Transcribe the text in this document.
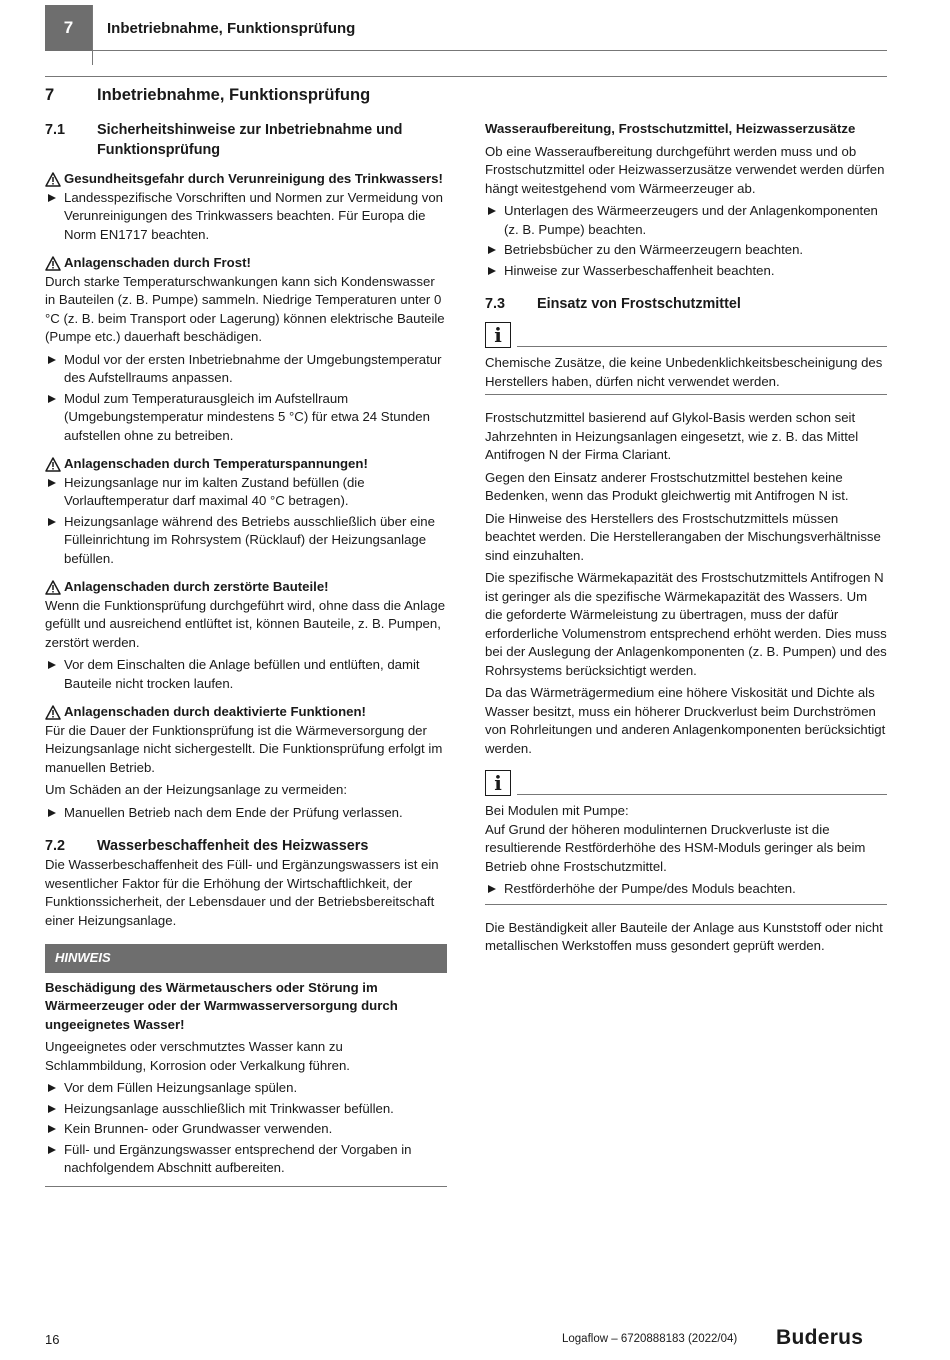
7	Inbetriebnahme, Funktionsprüfung
7	Inbetriebnahme, Funktionsprüfung
7.1	Sicherheitshinweise zur Inbetriebnahme und Funktionsprüfung
Gesundheitsgefahr durch Verunreinigung des Trinkwassers!
Landesspezifische Vorschriften und Normen zur Vermeidung von Verunreinigungen des Trinkwassers beachten. Für Europa die Norm EN1717 beachten.
Anlagenschaden durch Frost!

Durch starke Temperaturschwankungen kann sich Kondenswasser in Bauteilen (z. B. Pumpe) sammeln. Niedrige Temperaturen unter 0 °C (z. B. beim Transport oder Lagerung) können elektrische Bauteile (Pumpe etc.) dauerhaft beschädigen.

Modul vor der ersten Inbetriebnahme der Umgebungstemperatur des Aufstellraums anpassen.
Modul zum Temperaturausgleich im Aufstellraum (Umgebungstemperatur mindestens 5 °C) für etwa 24 Stunden aufstellen ohne zu betreiben.
Anlagenschaden durch Temperaturspannungen!
Heizungsanlage nur im kalten Zustand befüllen (die Vorlauftemperatur darf maximal 40 °C betragen).
Heizungsanlage während des Betriebs ausschließlich über eine Fülleinrichtung im Rohrsystem (Rücklauf) der Heizungsanlage befüllen.
Anlagenschaden durch zerstörte Bauteile!

Wenn die Funktionsprüfung durchgeführt wird, ohne dass die Anlage gefüllt und ausreichend entlüftet ist, können Bauteile, z. B. Pumpen, zerstört werden.

Vor dem Einschalten die Anlage befüllen und entlüften, damit Bauteile nicht trocken laufen.
Anlagenschaden durch deaktivierte Funktionen!

Für die Dauer der Funktionsprüfung ist die Wärmeversorgung der Heizungsanlage nicht sichergestellt. Die Funktionsprüfung erfolgt im manuellen Betrieb.

Um Schäden an der Heizungsanlage zu vermeiden:

Manuellen Betrieb nach dem Ende der Prüfung verlassen.
7.2	Wasserbeschaffenheit des Heizwassers

Die Wasserbeschaffenheit des Füll- und Ergänzungswassers ist ein wesentlicher Faktor für die Erhöhung der Wirtschaftlichkeit, der Funktionssicherheit, der Lebensdauer und der Betriebsbereitschaft einer Heizungsanlage.

HINWEIS

Beschädigung des Wärmetauschers oder Störung im Wärmeerzeuger oder der Warmwasserversorgung durch ungeeignetes Wasser!

Ungeeignetes oder verschmutztes Wasser kann zu Schlammbildung, Korrosion oder Verkalkung führen.

Vor dem Füllen Heizungsanlage spülen.
Heizungsanlage ausschließlich mit Trinkwasser befüllen.
Kein Brunnen- oder Grundwasser verwenden.
Füll- und Ergänzungswasser entsprechend der Vorgaben in nachfolgendem Abschnitt aufbereiten.

Wasseraufbereitung, Frostschutzmittel, Heizwasserzusätze

Ob eine Wasseraufbereitung durchgeführt werden muss und ob Frostschutzmittel oder Heizwasserzusätze verwendet werden dürfen hängt weitestgehend vom Wärmeerzeuger ab.

Unterlagen des Wärmeerzeugers und der Anlagenkomponenten (z. B. Pumpe) beachten.
Betriebsbücher zu den Wärmeerzeugern beachten.
Hinweise zur Wasserbeschaffenheit beachten.
7.3	Einsatz von Frostschutzmittel
i

Chemische Zusätze, die keine Unbedenklichkeitsbescheinigung des Herstellers haben, dürfen nicht verwendet werden.

Frostschutzmittel basierend auf Glykol-Basis werden schon seit Jahrzehnten in Heizungsanlagen eingesetzt, wie z. B. das Mittel Antifrogen N der Firma Clariant.

Gegen den Einsatz anderer Frostschutzmittel bestehen keine Bedenken, wenn das Produkt gleichwertig mit Antifrogen N ist.

Die Hinweise des Herstellers des Frostschutzmittels müssen beachtet werden. Die Herstellerangaben der Mischungsverhältnisse sind einzuhalten.

Die spezifische Wärmekapazität des Frostschutzmittels Antifrogen N ist geringer als die spezifische Wärmekapazität des Wassers. Um die geforderte Wärmeleistung zu übertragen, muss der dafür erforderliche Volumenstrom entsprechend erhöht werden. Dies muss bei der Auslegung der Anlagenkomponenten (z. B. Pumpen) und des Rohrsystems berücksichtigt werden.

Da das Wärmeträgermedium eine höhere Viskosität und Dichte als Wasser besitzt, muss ein höherer Druckverlust beim Durchströmen von Rohrleitungen und anderen Anlagenkomponenten berücksichtigt werden.

i

Bei Modulen mit Pumpe:

Auf Grund der höheren modulinternen Druckverluste ist die resultierende Restförderhöhe des HSM-Moduls geringer als beim Betrieb ohne Frostschutzmittel.

Restförderhöhe der Pumpe/des Moduls beachten.

Die Beständigkeit aller Bauteile der Anlage aus Kunststoff oder nicht metallischen Werkstoffen muss gesondert geprüft werden.

16	Logaflow – 6720888183 (2022/04) Buderus
